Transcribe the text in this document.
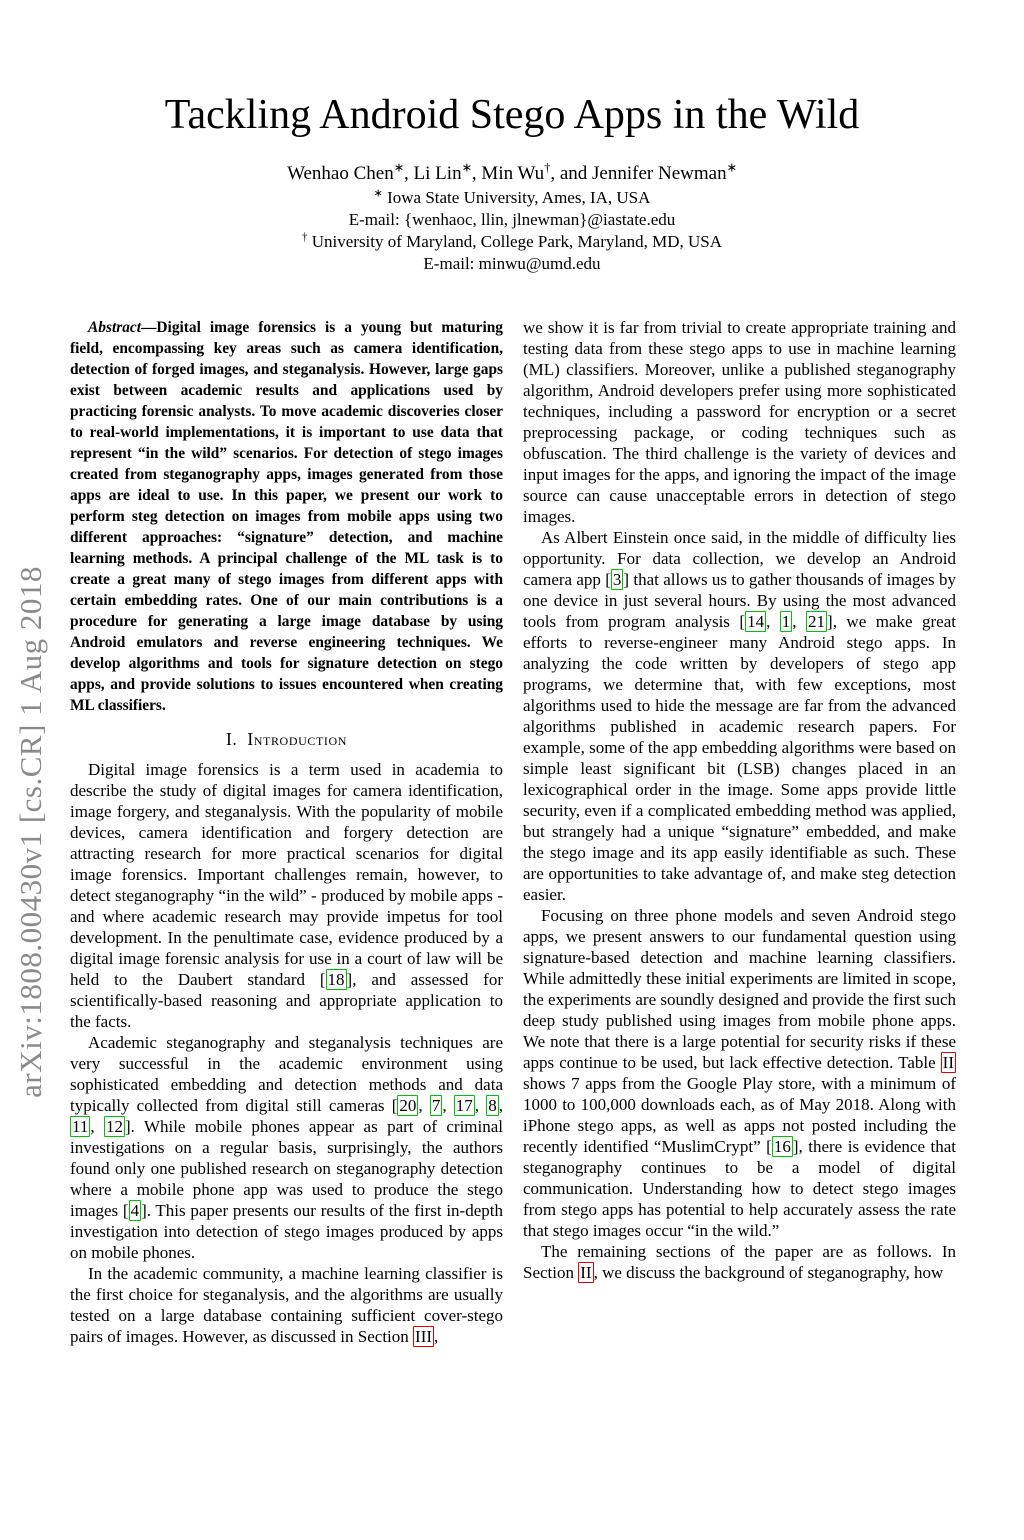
arXiv:1808.00430v1 [cs.CR] 1 Aug 2018
Tackling Android Stego Apps in the Wild
Wenhao Chen∗, Li Lin∗, Min Wu†, and Jennifer Newman∗
∗ Iowa State University, Ames, IA, USA
E-mail: {wenhaoc, llin, jlnewman}@iastate.edu
† University of Maryland, College Park, Maryland, MD, USA
E-mail: minwu@umd.edu

Abstract—Digital image forensics is a young but maturing field, encompassing key areas such as camera identification, detection of forged images, and steganalysis. However, large gaps exist between academic results and applications used by practicing forensic analysts. To move academic discoveries closer to real-world implementations, it is important to use data that represent “in the wild” scenarios. For detection of stego images created from steganography apps, images generated from those apps are ideal to use. In this paper, we present our work to perform steg detection on images from mobile apps using two different approaches: “signature” detection, and machine learning methods. A principal challenge of the ML task is to create a great many of stego images from different apps with certain embedding rates. One of our main contributions is a procedure for generating a large image database by using Android emulators and reverse engineering techniques. We develop algorithms and tools for signature detection on stego apps, and provide solutions to issues encountered when creating ML classifiers.

I.  Introduction

Digital image forensics is a term used in academia to describe the study of digital images for camera identification, image forgery, and steganalysis. With the popularity of mobile devices, camera identification and forgery detection are attracting research for more practical scenarios for digital image forensics. Important challenges remain, however, to detect steganography “in the wild” - produced by mobile apps - and where academic research may provide impetus for tool development. In the penultimate case, evidence produced by a digital image forensic analysis for use in a court of law will be held to the Daubert standard [ 18 ], and assessed for scientifically-based reasoning and appropriate application to the facts.

Academic steganography and steganalysis techniques are very successful in the academic environment using sophisticated embedding and detection methods and data typically collected from digital still cameras [ 20 , 7 , 17 , 8 , 11 , 12 ]. While mobile phones appear as part of criminal investigations on a regular basis, surprisingly, the authors found only one published research on steganography detection where a mobile phone app was used to produce the stego images [ 4 ]. This paper presents our results of the first in-depth investigation into detection of stego images produced by apps on mobile phones.

In the academic community, a machine learning classifier is the first choice for steganalysis, and the algorithms are usually tested on a large database containing sufficient cover-stego pairs of images. However, as discussed in Section III ,

we show it is far from trivial to create appropriate training and testing data from these stego apps to use in machine learning (ML) classifiers. Moreover, unlike a published steganography algorithm, Android developers prefer using more sophisticated techniques, including a password for encryption or a secret preprocessing package, or coding techniques such as obfuscation. The third challenge is the variety of devices and input images for the apps, and ignoring the impact of the image source can cause unacceptable errors in detection of stego images.

As Albert Einstein once said, in the middle of difficulty lies opportunity. For data collection, we develop an Android camera app [ 3 ] that allows us to gather thousands of images by one device in just several hours. By using the most advanced tools from program analysis [ 14 , 1 , 21 ], we make great efforts to reverse-engineer many Android stego apps. In analyzing the code written by developers of stego app programs, we determine that, with few exceptions, most algorithms used to hide the message are far from the advanced algorithms published in academic research papers. For example, some of the app embedding algorithms were based on simple least significant bit (LSB) changes placed in an lexicographical order in the image. Some apps provide little security, even if a complicated embedding method was applied, but strangely had a unique “signature” embedded, and make the stego image and its app easily identifiable as such. These are opportunities to take advantage of, and make steg detection easier.

Focusing on three phone models and seven Android stego apps, we present answers to our fundamental question using signature-based detection and machine learning classifiers. While admittedly these initial experiments are limited in scope, the experiments are soundly designed and provide the first such deep study published using images from mobile phone apps. We note that there is a large potential for security risks if these apps continue to be used, but lack effective detection. Table II shows 7 apps from the Google Play store, with a minimum of 1000 to 100,000 downloads each, as of May 2018. Along with iPhone stego apps, as well as apps not posted including the recently identified “MuslimCrypt” [ 16 ], there is evidence that steganography continues to be a model of digital communication. Understanding how to detect stego images from stego apps has potential to help accurately assess the rate that stego images occur “in the wild.”

The remaining sections of the paper are as follows. In Section II , we discuss the background of steganography, how
